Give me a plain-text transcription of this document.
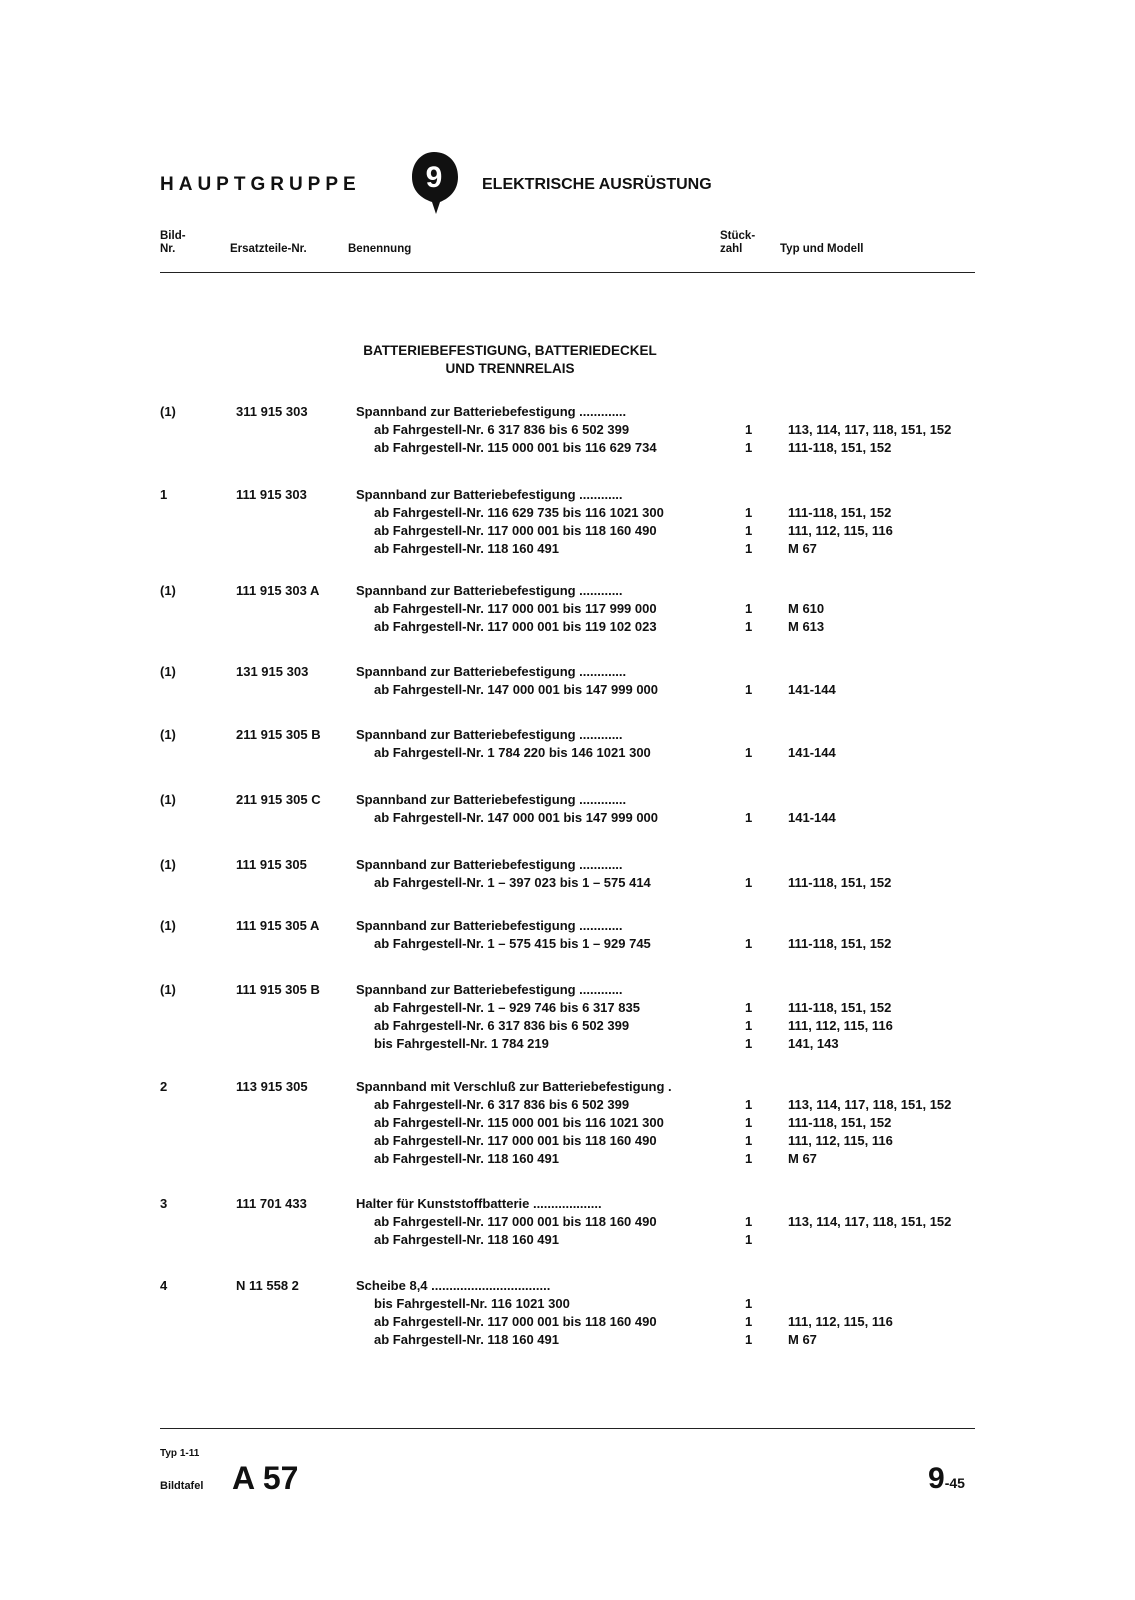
HAUPTGRUPPE	9	ELEKTRISCHE AUSRÜSTUNG
Bild-
Nr.	Ersatzteile-Nr.	Benennung
Stück-
zahl	Typ und Modell
BATTERIEBEFESTIGUNG, BATTERIEDECKEL
UND TRENNRELAIS
(1)	311 915 303	Spannband zur Batteriebefestigung .............
ab Fahrgestell-Nr. 6 317 836 bis 6 502 399	1	113, 114, 117, 118, 151, 152
ab Fahrgestell-Nr. 115 000 001 bis 116 629 734	1	111-118, 151, 152
1	111 915 303	Spannband zur Batteriebefestigung ............
ab Fahrgestell-Nr. 116 629 735 bis 116 1021 300	1	111-118, 151, 152
ab Fahrgestell-Nr. 117 000 001 bis 118 160 490	1	111, 112, 115, 116
ab Fahrgestell-Nr. 118 160 491	1	M 67
(1)	111 915 303 A	Spannband zur Batteriebefestigung ............
ab Fahrgestell-Nr. 117 000 001 bis 117 999 000	1	M 610
ab Fahrgestell-Nr. 117 000 001 bis 119 102 023	1	M 613
(1)	131 915 303	Spannband zur Batteriebefestigung .............
ab Fahrgestell-Nr. 147 000 001 bis 147 999 000	1	141-144
(1)	211 915 305 B	Spannband zur Batteriebefestigung ............
ab Fahrgestell-Nr. 1 784 220 bis 146 1021 300	1	141-144
(1)	211 915 305 C	Spannband zur Batteriebefestigung .............
ab Fahrgestell-Nr. 147 000 001 bis 147 999 000	1	141-144
(1)	111 915 305	Spannband zur Batteriebefestigung ............
ab Fahrgestell-Nr. 1 – 397 023 bis 1 – 575 414	1	111-118, 151, 152
(1)	111 915 305 A	Spannband zur Batteriebefestigung ............
ab Fahrgestell-Nr. 1 – 575 415 bis 1 – 929 745	1	111-118, 151, 152
(1)	111 915 305 B	Spannband zur Batteriebefestigung ............
ab Fahrgestell-Nr. 1 – 929 746 bis 6 317 835	1	111-118, 151, 152
ab Fahrgestell-Nr. 6 317 836 bis 6 502 399	1	111, 112, 115, 116
bis Fahrgestell-Nr. 1 784 219	1	141, 143
2	113 915 305	Spannband mit Verschluß zur Batteriebefestigung .
ab Fahrgestell-Nr. 6 317 836 bis 6 502 399	1	113, 114, 117, 118, 151, 152
ab Fahrgestell-Nr. 115 000 001 bis 116 1021 300	1	111-118, 151, 152
ab Fahrgestell-Nr. 117 000 001 bis 118 160 490	1	111, 112, 115, 116
ab Fahrgestell-Nr. 118 160 491	1	M 67
3	111 701 433	Halter für Kunststoffbatterie ...................
ab Fahrgestell-Nr. 117 000 001 bis 118 160 490	1	113, 114, 117, 118, 151, 152
ab Fahrgestell-Nr. 118 160 491	1
4	N 11 558 2	Scheibe 8,4 .................................
bis Fahrgestell-Nr. 116 1021 300	1
ab Fahrgestell-Nr. 117 000 001 bis 118 160 490	1	111, 112, 115, 116
ab Fahrgestell-Nr. 118 160 491	1	M 67
Typ 1-11
Bildtafel A 57	9-45
